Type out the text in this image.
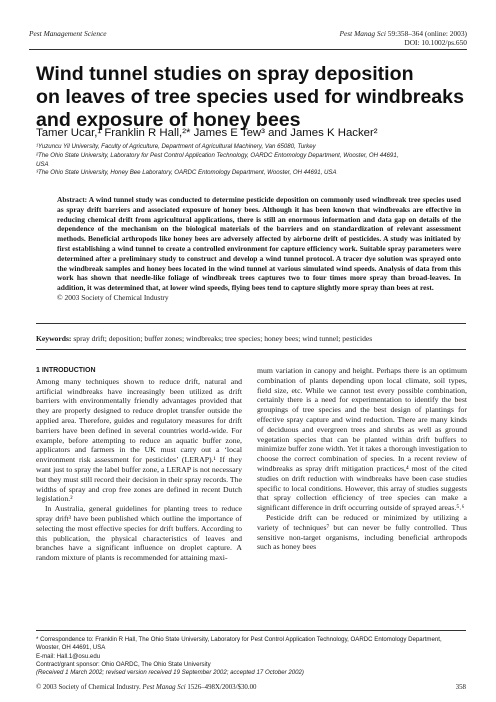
Pest Management Science	Pest Manag Sci 59:358–364 (online: 2003)
DOI: 10.1002/ps.650
Wind tunnel studies on spray deposition
on leaves of tree species used for windbreaks
and exposure of honey bees
Tamer Ucar,¹ Franklin R Hall,²* James E Tew³ and James K Hacker²
¹Yuzuncu Yil University, Faculty of Agriculture, Department of Agricultural Machinery, Van 65080, Turkey
²The Ohio State University, Laboratory for Pest Control Application Technology, OARDC Entomology Department, Wooster, OH 44691,
USA
³The Ohio State University, Honey Bee Laboratory, OARDC Entomology Department, Wooster, OH 44691, USA
Abstract: A wind tunnel study was conducted to determine pesticide deposition on commonly used windbreak tree species used as spray drift barriers and associated exposure of honey bees. Although it has been known that windbreaks are effective in reducing chemical drift from agricultural applications, there is still an enormous information and data gap on details of the dependence of the mechanism on the biological materials of the barriers and on standardization of relevant assessment methods. Beneficial arthropods like honey bees are adversely affected by airborne drift of pesticides. A study was initiated by first establishing a wind tunnel to create a controlled environment for capture efficiency work. Suitable spray parameters were determined after a preliminary study to construct and develop a wind tunnel protocol. A tracer dye solution was sprayed onto the windbreak samples and honey bees located in the wind tunnel at various simulated wind speeds. Analysis of data from this work has shown that needle-like foliage of windbreak trees captures two to four times more spray than broad-leaves. In addition, it was determined that, at lower wind speeds, flying bees tend to capture slightly more spray than bees at rest.
© 2003 Society of Chemical Industry
Keywords: spray drift; deposition; buffer zones; windbreaks; tree species; honey bees; wind tunnel; pesticides
1 INTRODUCTION

Among many techniques shown to reduce drift, natural and artificial windbreaks have increasingly been utilized as drift barriers with environmentally friendly advantages provided that they are properly designed to reduce droplet transfer outside the applied area. Therefore, guides and regulatory measures for drift barriers have been defined in several countries world-wide. For example, before attempting to reduce an aquatic buffer zone, applicators and farmers in the UK must carry out a ‘local environment risk assessment for pesticides’ (LERAP).¹ If they want just to spray the label buffer zone, a LERAP is not necessary but they must still record their decision in their spray records. The widths of spray and crop free zones are defined in recent Dutch legislation.²

In Australia, general guidelines for planting trees to reduce spray drift³ have been published which outline the importance of selecting the most effective species for drift buffers. According to this publication, the physical characteristics of leaves and branches have a significant influence on droplet capture. A random mixture of plants is recommended for attaining maxi-

mum variation in canopy and height. Perhaps there is an optimum combination of plants depending upon local climate, soil types, field size, etc. While we cannot test every possible combination, certainly there is a need for experimentation to identify the best groupings of tree species and the best design of plantings for effective spray capture and wind reduction. There are many kinds of deciduous and evergreen trees and shrubs as well as ground vegetation species that can be planted within drift buffers to minimize buffer zone width. Yet it takes a thorough investigation to choose the correct combination of species. In a recent review of windbreaks as spray drift mitigation practices,⁴ most of the cited studies on drift reduction with windbreaks have been case studies specific to local conditions. However, this array of studies suggests that spray collection efficiency of tree species can make a significant difference in drift occurring outside of sprayed areas.⁵˒⁶

Pesticide drift can be reduced or minimized by utilizing a variety of techniques⁷ but can never be fully controlled. Thus sensitive non-target organisms, including beneficial arthropods such as honey bees

* Correspondence to: Franklin R Hall, The Ohio State University, Laboratory for Pest Control Application Technology, OARDC Entomology Department, Wooster, OH 44691, USA
E-mail: Hall.1@osu.edu
Contract/grant sponsor: Ohio OARDC, The Ohio State University
(Received 1 March 2002; revised version received 19 September 2002; accepted 17 October 2002)
© 2003 Society of Chemical Industry. Pest Manag Sci 1526–498X/2003/$30.00	358
